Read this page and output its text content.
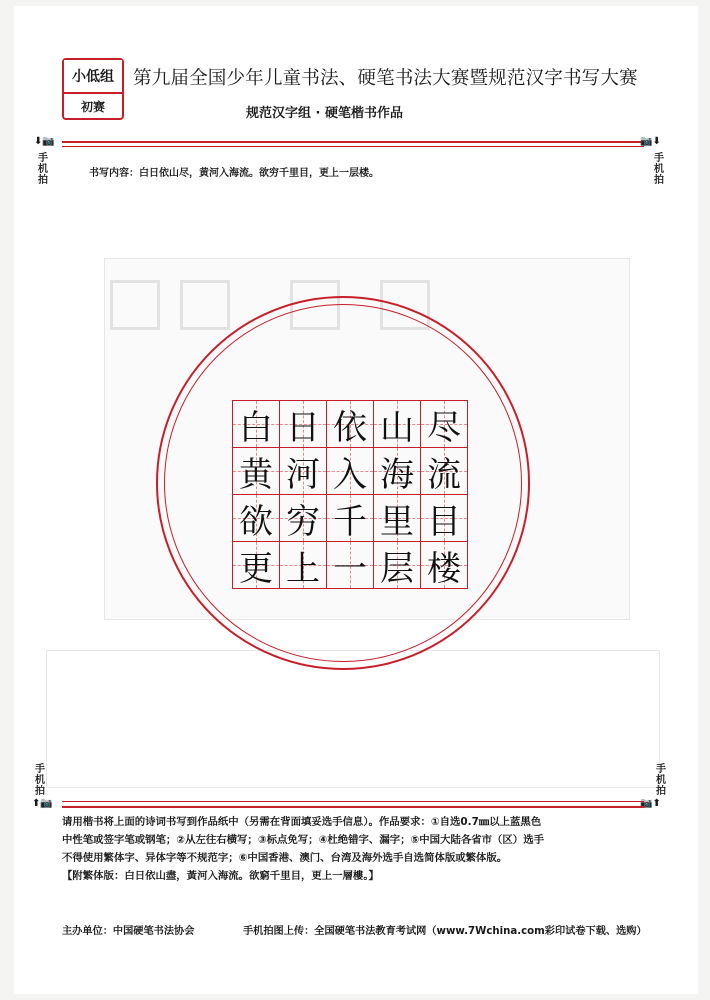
小低组
初赛
第九届全国少年儿童书法、硬笔书法大赛暨规范汉字书写大赛
规范汉字组 · 硬笔楷书作品
⬇📷
手机拍
📷⬇
手机拍
书写内容：白日依山尽，黄河入海流。欲穷千里目，更上一层楼。
白 日 依 山 尽
黄 河 入 海 流
欲 穷 千 里 目
更 上 一 层 楼
手机拍
⬆📷
手机拍
📷⬆

请用楷书将上面的诗词书写到作品纸中（另需在背面填妥选手信息）。作品要求：①自选0.7㎜以上蓝黑色

中性笔或签字笔或钢笔；②从左往右横写；③标点免写；④杜绝错字、漏字；⑤中国大陆各省市（区）选手

不得使用繁体字、异体字等不规范字；⑥中国香港、澳门、台湾及海外选手自选简体版或繁体版。

【附繁体版：白日依山盡，黃河入海流。欲窮千里目，更上一層樓。】

主办单位：中国硬笔书法协会	手机拍图上传：全国硬笔书法教育考试网（www.7Wchina.com彩印试卷下载、选购）
